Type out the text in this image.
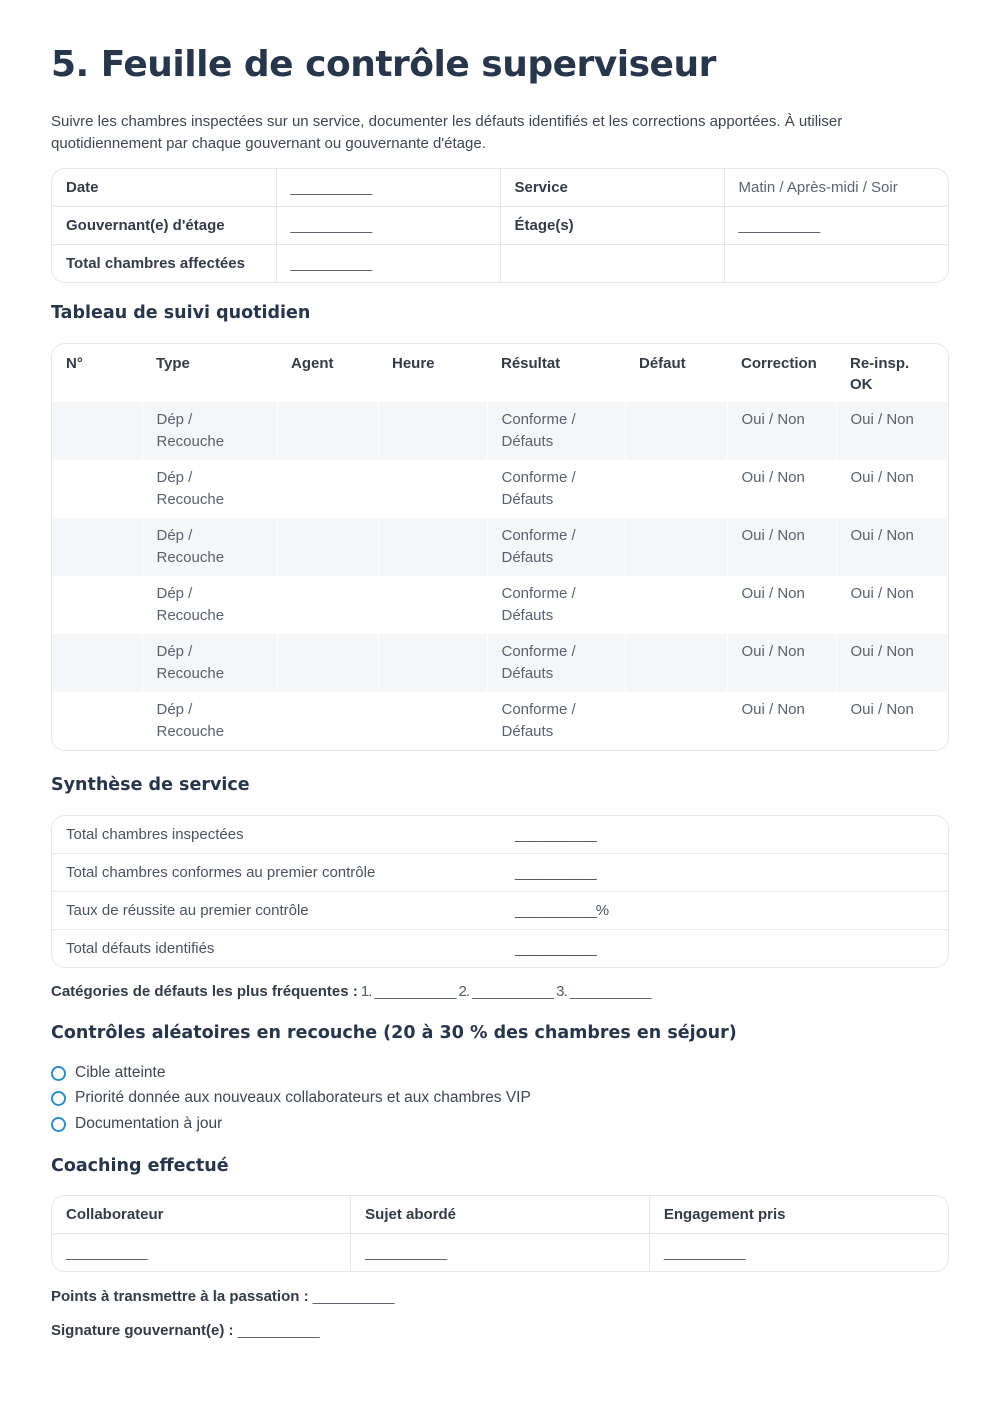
5. Feuille de contrôle superviseur

Suivre les chambres inspectées sur un service, documenter les défauts identifiés et les corrections apportées. À utiliser quotidiennement par chaque gouvernant ou gouvernante d'étage.

Date	___________	Service	Matin / Après-midi / Soir
Gouvernant(e) d'étage	___________	Étage(s)	___________
Total chambres affectées	___________		
Tableau de suivi quotidien
N°	Type	Agent	Heure	Résultat	Défaut	Correction	Re-insp. OK
	Dép / Recouche			Conforme / Défauts		Oui / Non	Oui / Non
	Dép / Recouche			Conforme / Défauts		Oui / Non	Oui / Non
	Dép / Recouche			Conforme / Défauts		Oui / Non	Oui / Non
	Dép / Recouche			Conforme / Défauts		Oui / Non	Oui / Non
	Dép / Recouche			Conforme / Défauts		Oui / Non	Oui / Non
	Dép / Recouche			Conforme / Défauts		Oui / Non	Oui / Non
Synthèse de service
Total chambres inspectées	___________
Total chambres conformes au premier contrôle	___________
Taux de réussite au premier contrôle	___________%
Total défauts identifiés	___________
Catégories de défauts les plus fréquentes : 1. ___________ 2. ___________ 3. ___________
Contrôles aléatoires en recouche (20 à 30 % des chambres en séjour)
Cible atteinte
Priorité donnée aux nouveaux collaborateurs et aux chambres VIP
Documentation à jour
Coaching effectué
Collaborateur	Sujet abordé	Engagement pris
___________	___________	___________
Points à transmettre à la passation : ___________
Signature gouvernant(e) : ___________
